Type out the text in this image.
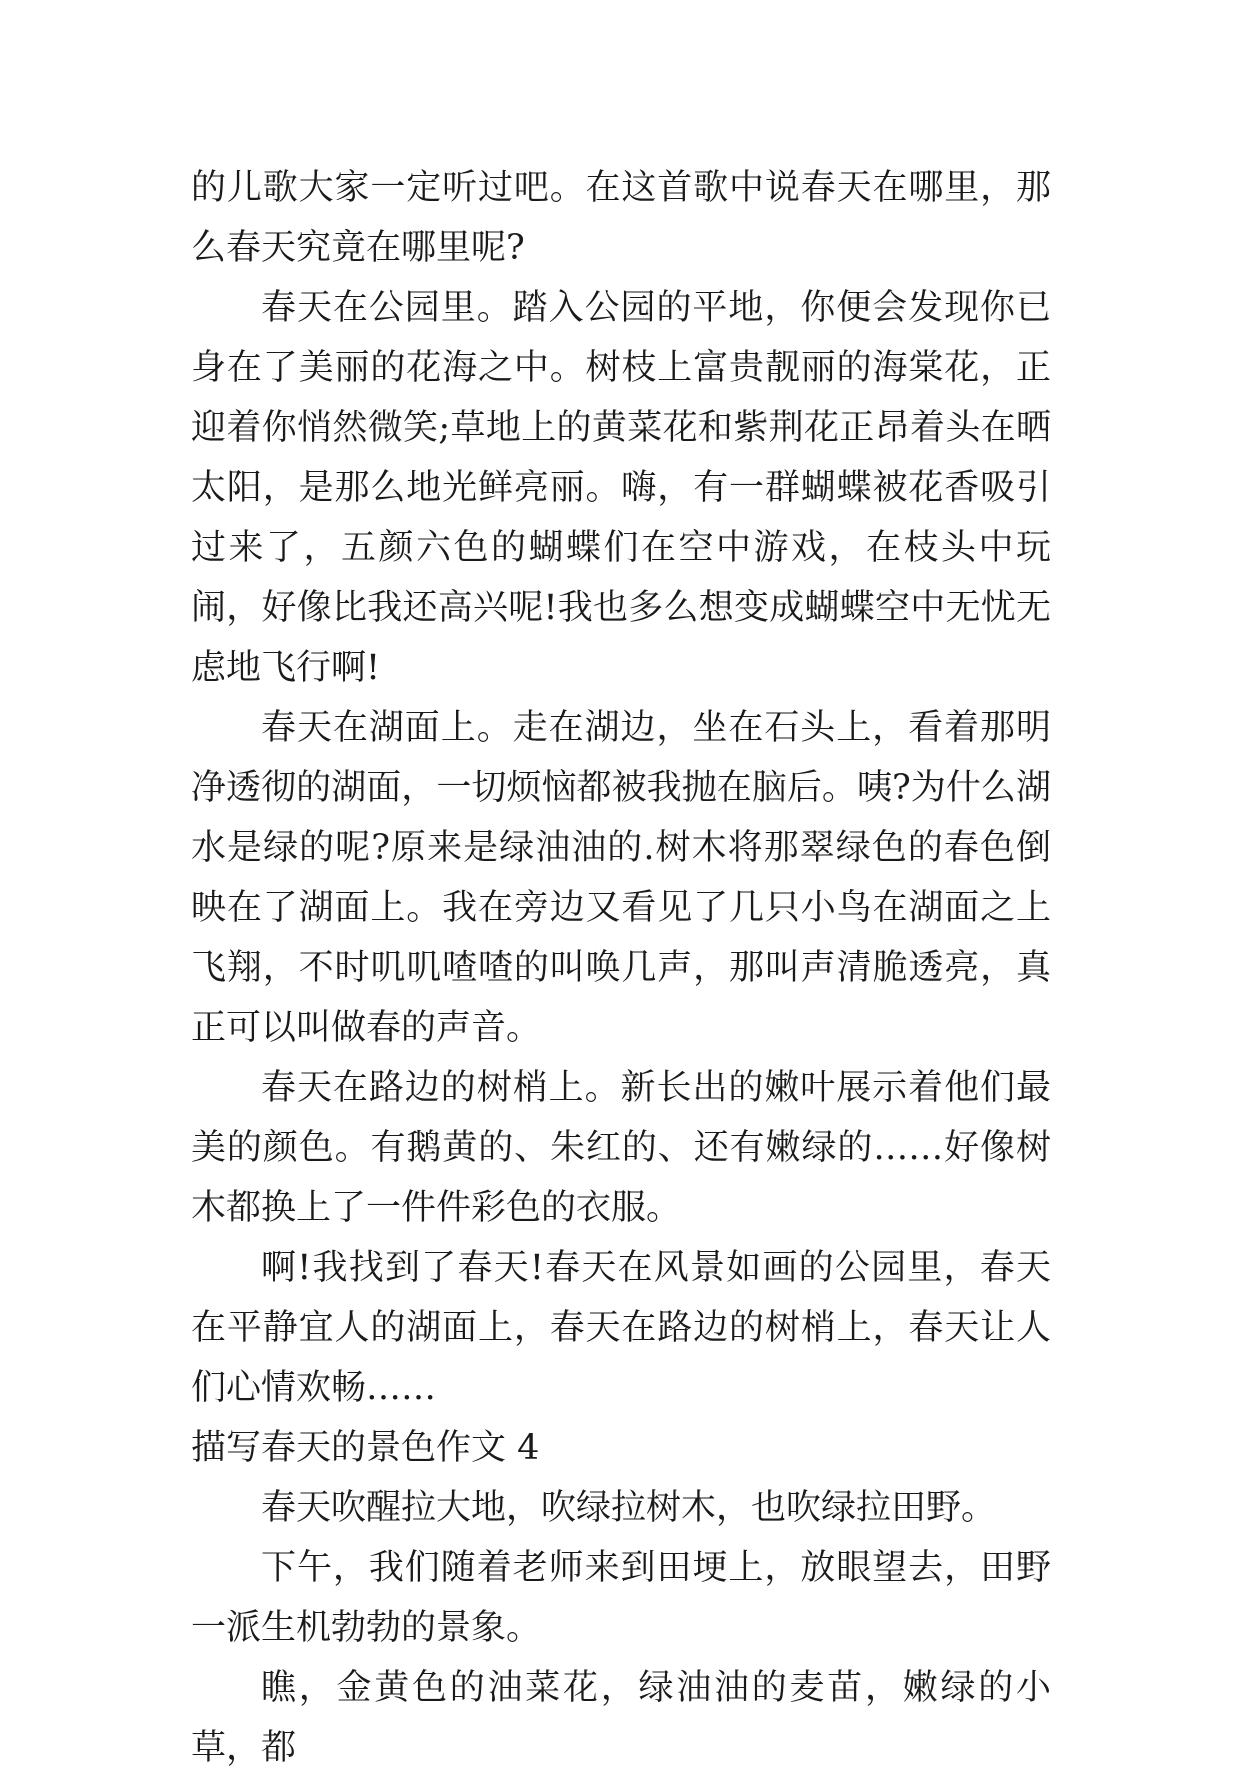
的儿歌大家一定听过吧。在这首歌中说春天在哪里，那么春天究竟在哪里呢?

春天在公园里。踏入公园的平地，你便会发现你已身在了美丽的花海之中。树枝上富贵靓丽的海棠花，正迎着你悄然微笑;草地上的黄菜花和紫荆花正昂着头在晒太阳，是那么地光鲜亮丽。嗨，有一群蝴蝶被花香吸引过来了，五颜六色的蝴蝶们在空中游戏，在枝头中玩闹，好像比我还高兴呢!我也多么想变成蝴蝶空中无忧无虑地飞行啊!

春天在湖面上。走在湖边，坐在石头上，看着那明净透彻的湖面，一切烦恼都被我抛在脑后。咦?为什么湖水是绿的呢?原来是绿油油的.树木将那翠绿色的春色倒映在了湖面上。我在旁边又看见了几只小鸟在湖面之上飞翔，不时叽叽喳喳的叫唤几声，那叫声清脆透亮，真正可以叫做春的声音。

春天在路边的树梢上。新长出的嫩叶展示着他们最美的颜色。有鹅黄的、朱红的、还有嫩绿的……好像树木都换上了一件件彩色的衣服。

啊!我找到了春天!春天在风景如画的公园里，春天在平静宜人的湖面上，春天在路边的树梢上，春天让人们心情欢畅……

描写春天的景色作文 4

春天吹醒拉大地，吹绿拉树木，也吹绿拉田野。

下午，我们随着老师来到田埂上，放眼望去，田野一派生机勃勃的景象。

瞧，金黄色的油菜花，绿油油的麦苗，嫩绿的小草，都
